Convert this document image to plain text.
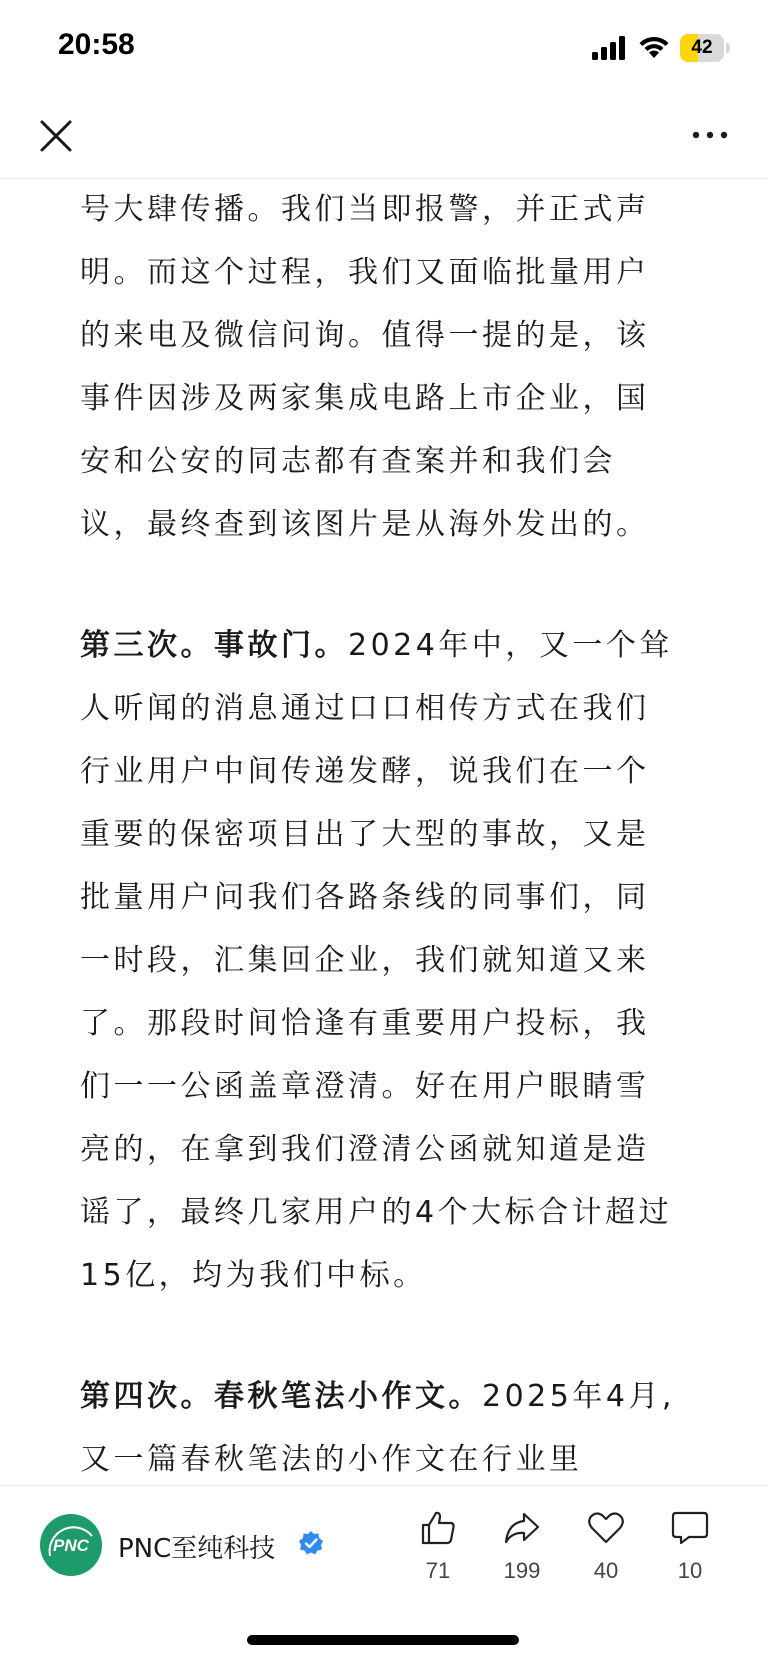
20:58	42

号大肆传播。我们当即报警，并正式声明。而这个过程，我们又面临批量用户的来电及微信问询。值得一提的是，该事件因涉及两家集成电路上市企业，国安和公安的同志都有查案并和我们会议，最终查到该图片是从海外发出的。

第三次。事故门。2024年中，又一个耸人听闻的消息通过口口相传方式在我们行业用户中间传递发酵，说我们在一个重要的保密项目出了大型的事故，又是批量用户问我们各路条线的同事们，同一时段，汇集回企业，我们就知道又来了。那段时间恰逢有重要用户投标，我们一一公函盖章澄清。好在用户眼睛雪亮的，在拿到我们澄清公函就知道是造谣了，最终几家用户的4个大标合计超过15亿，均为我们中标。

第四次。春秋笔法小作文。2025年4月,又一篇春秋笔法的小作文在行业里

PNC PNC至纯科技
71	199	40	10
